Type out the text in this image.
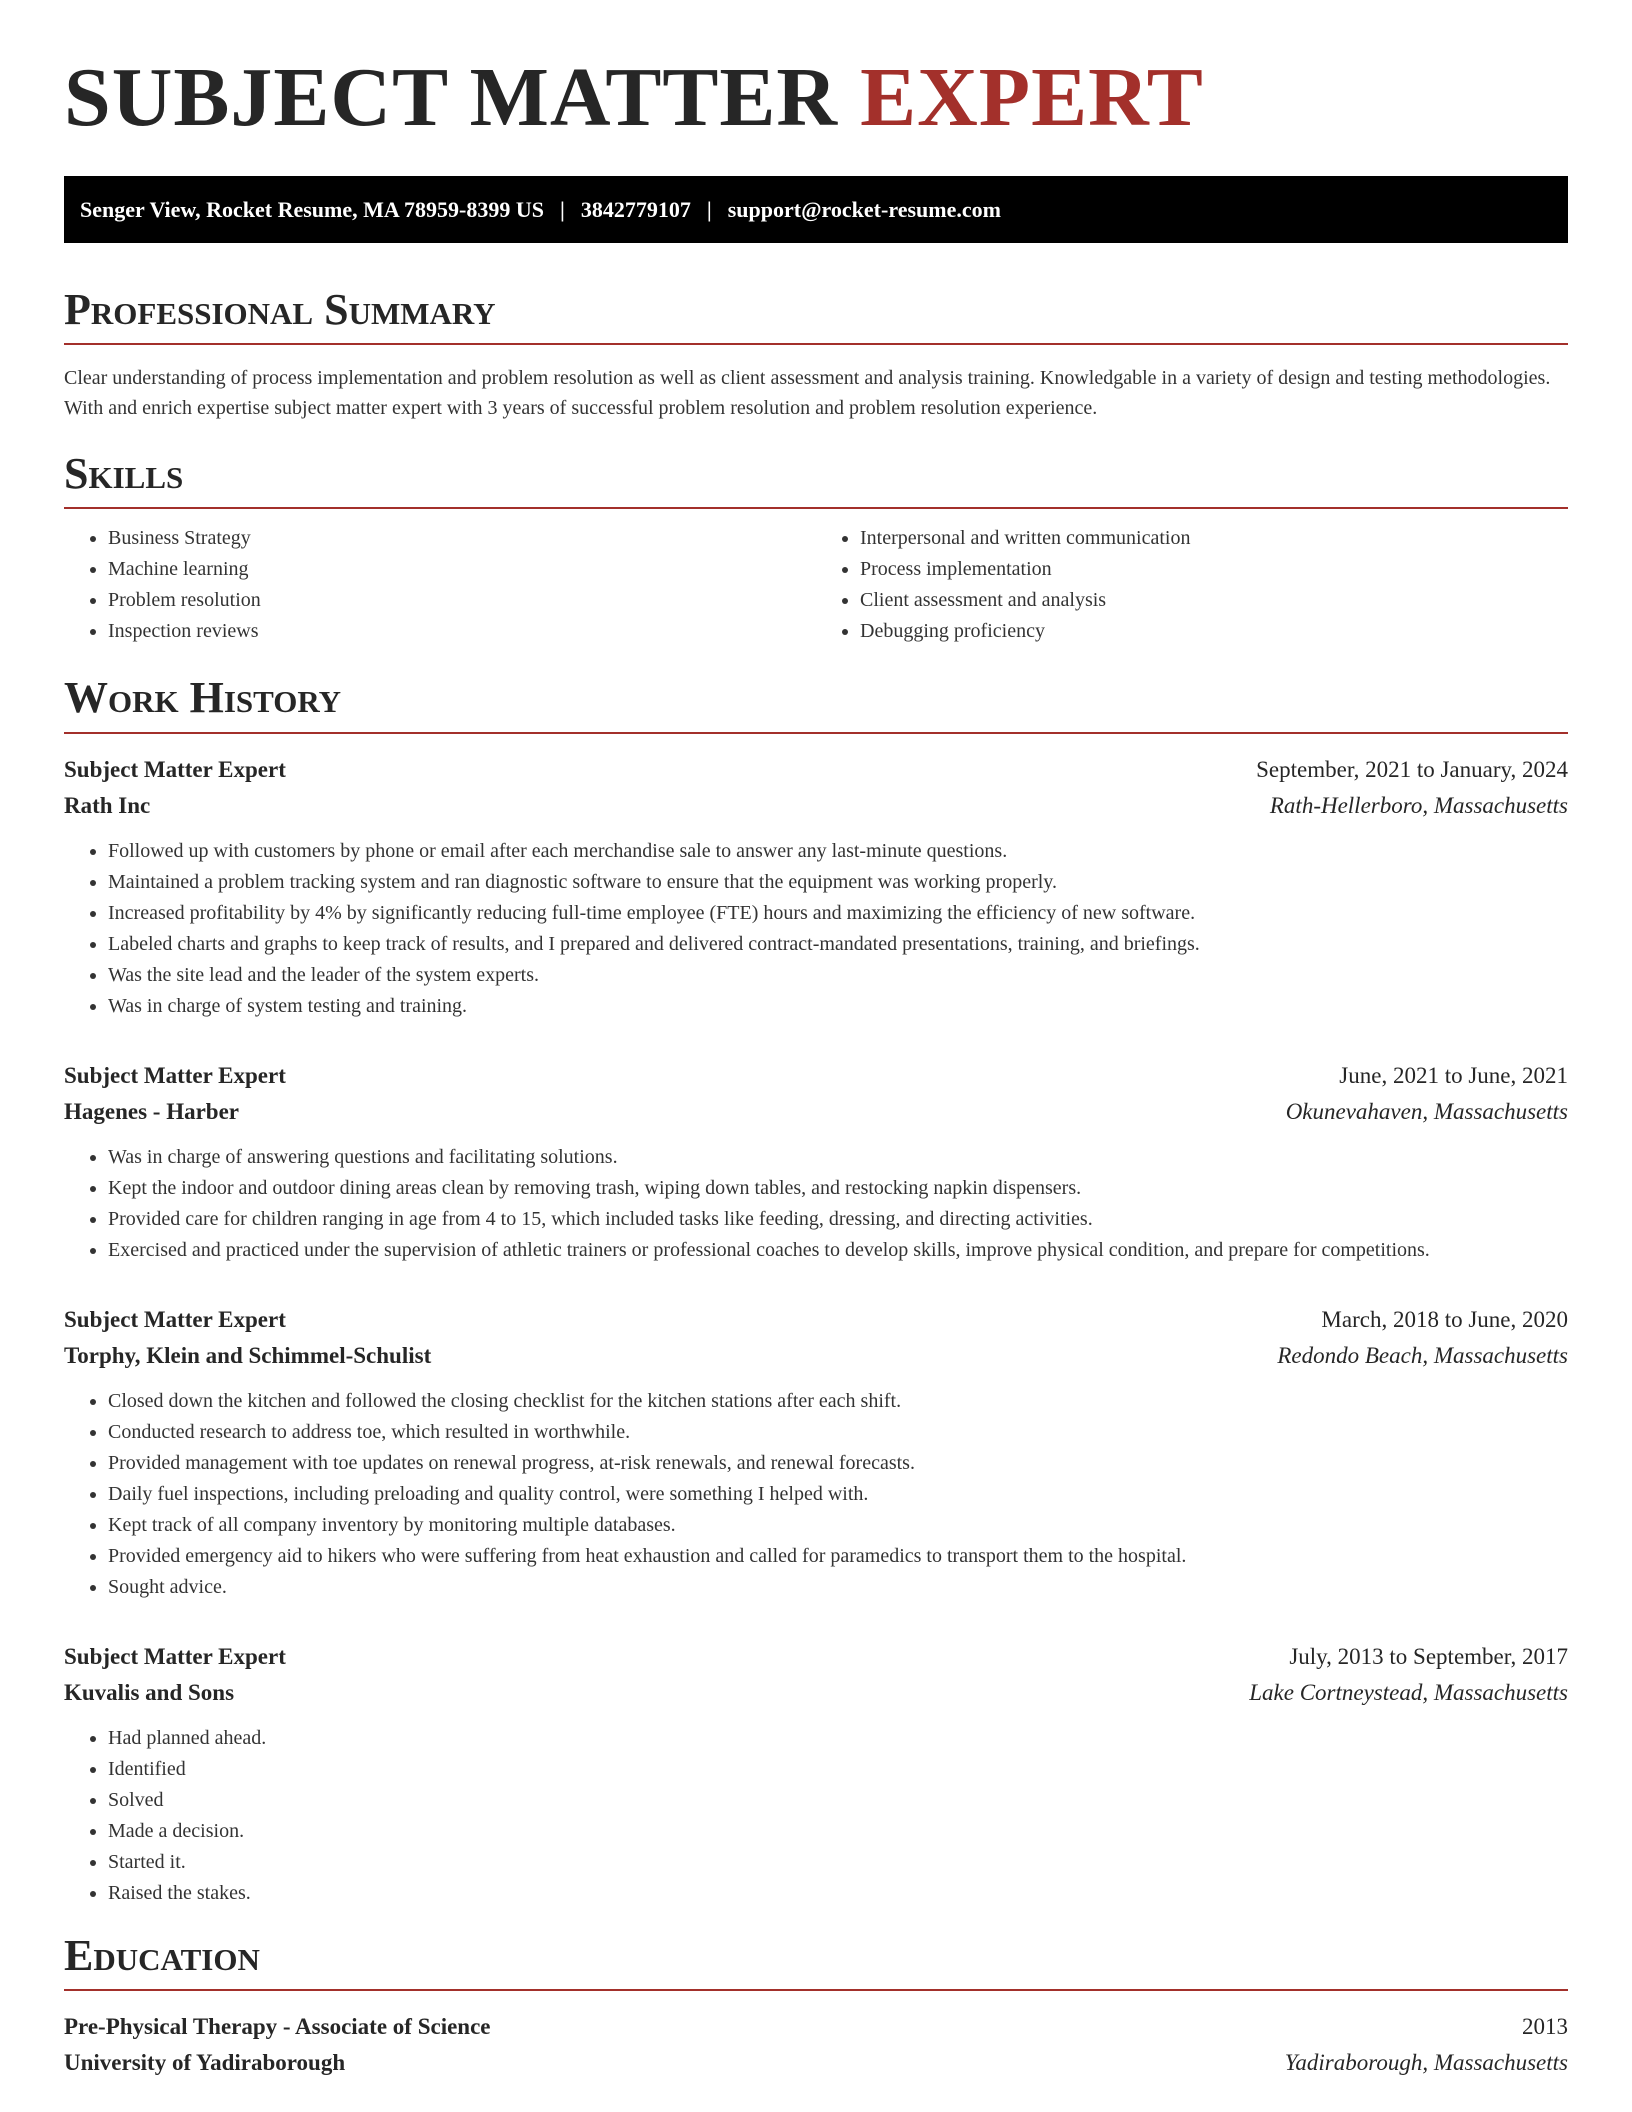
SUBJECT MATTER EXPERT
Senger View, Rocket Resume, MA 78959-8399 US | 3842779107 | support@rocket-resume.com
Professional Summary

Clear understanding of process implementation and problem resolution as well as client assessment and analysis training. Knowledgable in a variety of design and testing methodologies. With and enrich expertise subject matter expert with 3 years of successful problem resolution and problem resolution experience.

Skills
• Business Strategy
• Machine learning
• Problem resolution
• Inspection reviews
• Interpersonal and written communication
• Process implementation
• Client assessment and analysis
• Debugging proficiency
Work History
Subject Matter Expert	September, 2021 to January, 2024
Rath Inc	Rath-Hellerboro, Massachusetts
• Followed up with customers by phone or email after each merchandise sale to answer any last-minute questions.
• Maintained a problem tracking system and ran diagnostic software to ensure that the equipment was working properly.
• Increased profitability by 4% by significantly reducing full-time employee (FTE) hours and maximizing the efficiency of new software.
• Labeled charts and graphs to keep track of results, and I prepared and delivered contract-mandated presentations, training, and briefings.
• Was the site lead and the leader of the system experts.
• Was in charge of system testing and training.
Subject Matter Expert	June, 2021 to June, 2021
Hagenes - Harber	Okunevahaven, Massachusetts
• Was in charge of answering questions and facilitating solutions.
• Kept the indoor and outdoor dining areas clean by removing trash, wiping down tables, and restocking napkin dispensers.
• Provided care for children ranging in age from 4 to 15, which included tasks like feeding, dressing, and directing activities.
• Exercised and practiced under the supervision of athletic trainers or professional coaches to develop skills, improve physical condition, and prepare for competitions.
Subject Matter Expert	March, 2018 to June, 2020
Torphy, Klein and Schimmel-Schulist	Redondo Beach, Massachusetts
• Closed down the kitchen and followed the closing checklist for the kitchen stations after each shift.
• Conducted research to address toe, which resulted in worthwhile.
• Provided management with toe updates on renewal progress, at-risk renewals, and renewal forecasts.
• Daily fuel inspections, including preloading and quality control, were something I helped with.
• Kept track of all company inventory by monitoring multiple databases.
• Provided emergency aid to hikers who were suffering from heat exhaustion and called for paramedics to transport them to the hospital.
• Sought advice.
Subject Matter Expert	July, 2013 to September, 2017
Kuvalis and Sons	Lake Cortneystead, Massachusetts
• Had planned ahead.
• Identified
• Solved
• Made a decision.
• Started it.
• Raised the stakes.
Education
Pre-Physical Therapy - Associate of Science	2013
University of Yadiraborough	Yadiraborough, Massachusetts
